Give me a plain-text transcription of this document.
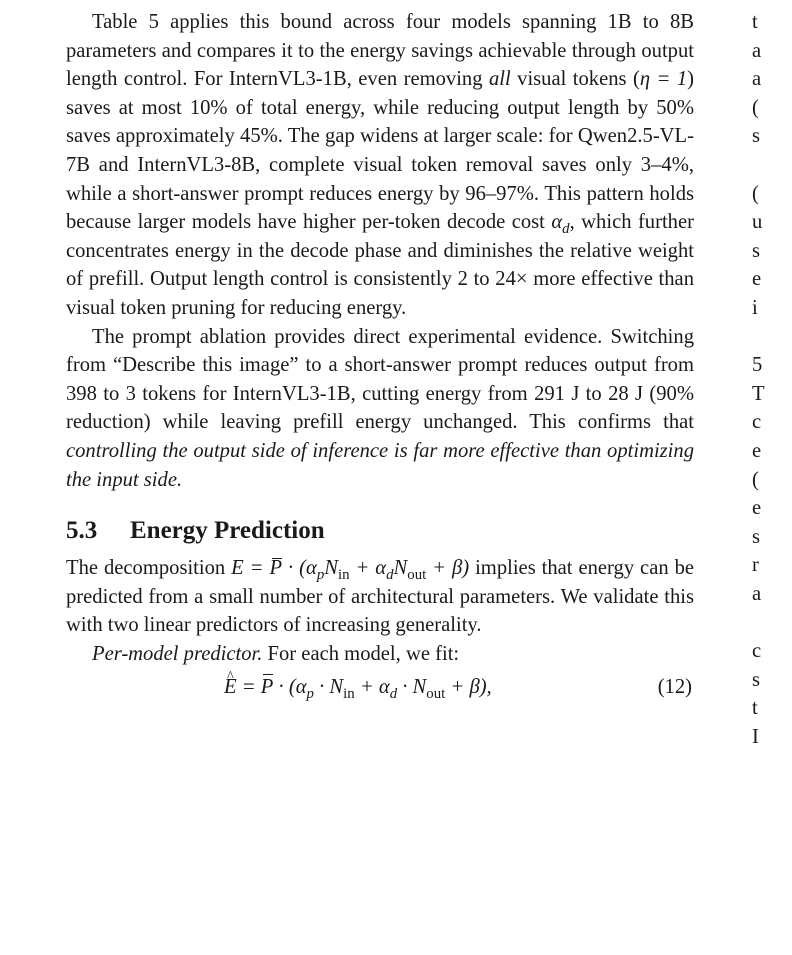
Table 5 applies this bound across four models spanning 1B to 8B parameters and compares it to the energy savings achievable through output length control. For InternVL3-1B, even removing all visual tokens (η = 1) saves at most 10% of total energy, while reducing output length by 50% saves approximately 45%. The gap widens at larger scale: for Qwen2.5-VL-7B and InternVL3-8B, complete visual token removal saves only 3–4%, while a short-answer prompt reduces energy by 96–97%. This pattern holds because larger models have higher per-token decode cost $\alpha_d$, which further concentrates energy in the decode phase and diminishes the relative weight of prefill. Output length control is consistently 2 to 24× more effective than visual token pruning for reducing energy.

The prompt ablation provides direct experimental evidence. Switching from “Describe this image” to a short-answer prompt reduces output from 398 to 3 tokens for InternVL3-1B, cutting energy from 291 J to 28 J (90% reduction) while leaving prefill energy unchanged. This confirms that controlling the output side of inference is far more effective than optimizing the input side.

5.3 Energy Prediction

The decomposition $E = P \cdot (\alpha_pN_{in} + \alpha_dN_{out} + \beta)$ implies that energy can be predicted from a small number of architectural parameters. We validate this with two linear predictors of increasing generality.

Per-model predictor. For each model, we fit:

E ^ = $P \cdot (\alpha_p \cdot N_{in} + \alpha_d \cdot N_{out} + \beta)$,	(12)
t
a
a
(
s
(
u
s
e
i
5
T
c
e
(
e
s
r
a
c
s
t
I
